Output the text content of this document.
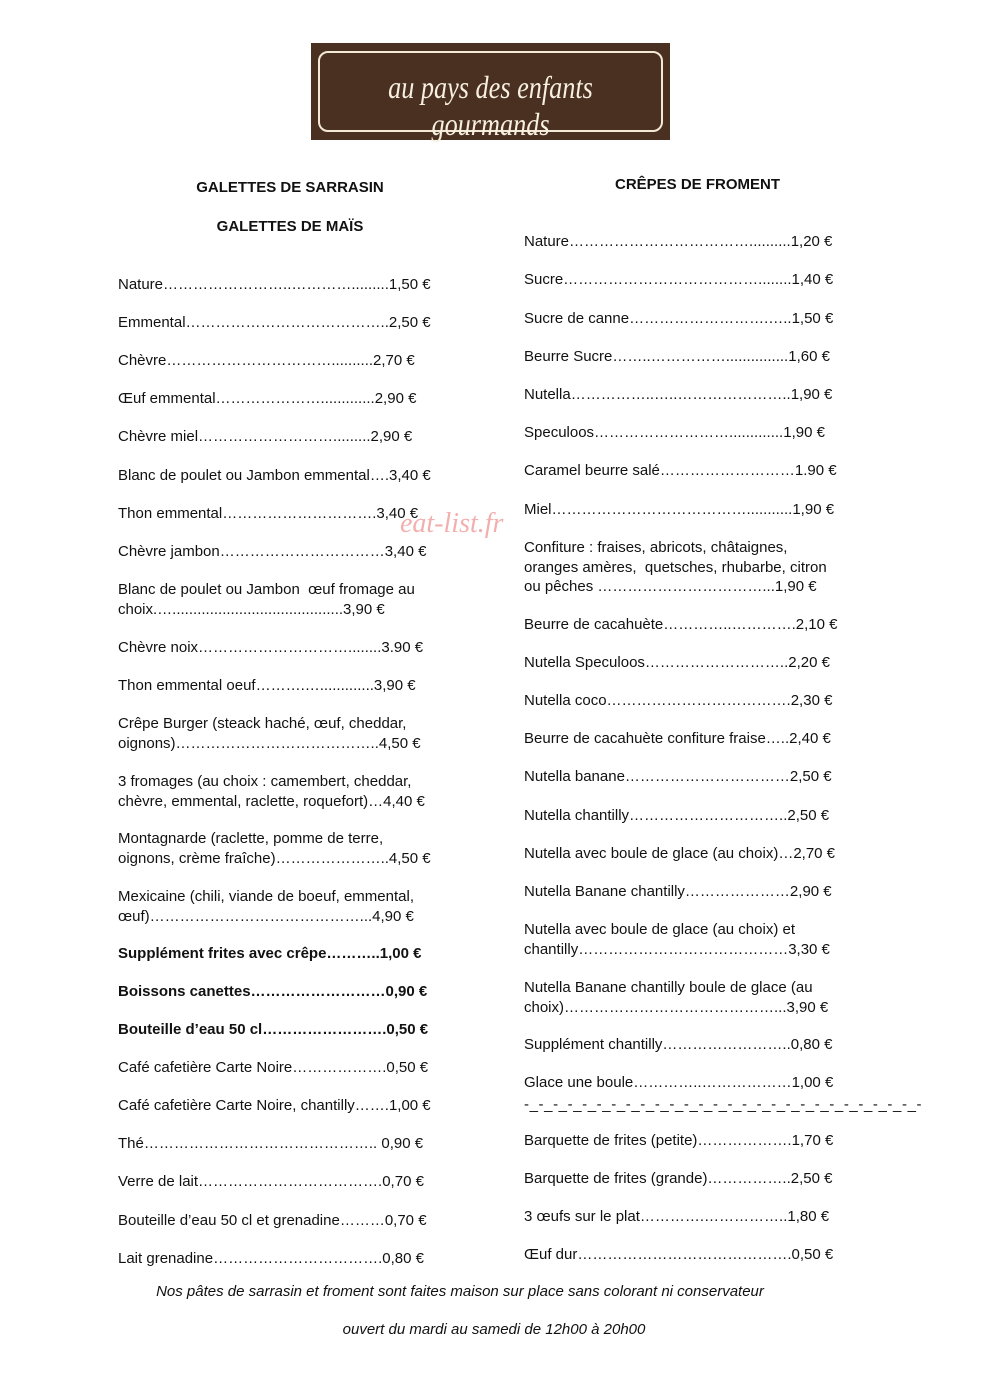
au pays des enfants gourmands
GALETTES DE SARRASIN
GALETTES DE MAÏS
CRÊPES DE FROMENT
eat-list.fr
Nature……………………..………….........1,50 €
Emmental…………………………………..2,50 €
Chèvre……………………………..........2,70 €
Œuf emmental………………….............2,90 €
Chèvre miel……………………….........2,90 €
Blanc de poulet ou Jambon emmental….3,40 €
Thon emmental………………………….3,40 €
Chèvre jambon……………………………3,40 €
Blanc de poulet ou Jambon  œuf fromage au
choix.….........................................3,90 €
Chèvre noix…………………………........3.90 €
Thon emmental oeuf……….….............3,90 €
Crêpe Burger (steack haché, œuf, cheddar,
oignons)…………………………………..4,50 €
3 fromages (au choix : camembert, cheddar,
chèvre, emmental, raclette, roquefort)…4,40 €
Montagnarde (raclette, pomme de terre,
oignons, crème fraîche)…………………..4,50 €
Mexicaine (chili, viande de boeuf, emmental,
œuf)……………………………………...4,90 €
Supplément frites avec crêpe………..1,00 €
Boissons canettes………………………0,90 €
Bouteille d’eau 50 cl…………………….0,50 €
Café cafetière Carte Noire……………….0,50 €
Café cafetière Carte Noire, chantilly…….1,00 €
Thé……………………………………….. 0,90 €
Verre de lait……………………………….0,70 €
Bouteille d’eau 50 cl et grenadine………0,70 €
Lait grenadine…………………………….0,80 €
Nature………………………………..........1,20 €
Sucre…………………………………........1,40 €
Sucre de canne……………………….…..1,50 €
Beurre Sucre……..……………...............1,60 €
Nutella……………..…..…………………..1,90 €
Speculoos……………………….............1,90 €
Caramel beurre salé………………………1.90 €
Miel…………………………………...........1,90 €
Confiture : fraises, abricots, châtaignes,
oranges amères,  quetsches, rhubarbe, citron
ou pêches ……………………………...1,90 €
Beurre de cacahuète…………..………….2,10 €
Nutella Speculoos………………………..2,20 €
Nutella coco……………………………….2,30 €
Beurre de cacahuète confiture fraise…..2,40 €
Nutella banane……………………………2,50 €
Nutella chantilly…………………………..2,50 €
Nutella avec boule de glace (au choix)…2,70 €
Nutella Banane chantilly…………………2,90 €
Nutella avec boule de glace (au choix) et
chantilly……………………………………3,30 €
Nutella Banane chantilly boule de glace (au
choix)……………………………………...3,90 €
Supplément chantilly……………………..0,80 €
Glace une boule…………..………………1,00 €
-_-_-_-_-_-_-_-_-_-_-_-_-_-_-_-_-_-_-_-_-_-_-_-_-_-_-_-
Barquette de frites (petite)……………….1,70 €
Barquette de frites (grande)……………..2,50 €
3 œufs sur le plat………….……………..1,80 €
Œuf dur…………………………………….0,50 €
Nos pâtes de sarrasin et froment sont faites maison sur place sans colorant ni conservateur
ouvert du mardi au samedi de 12h00 à 20h00
